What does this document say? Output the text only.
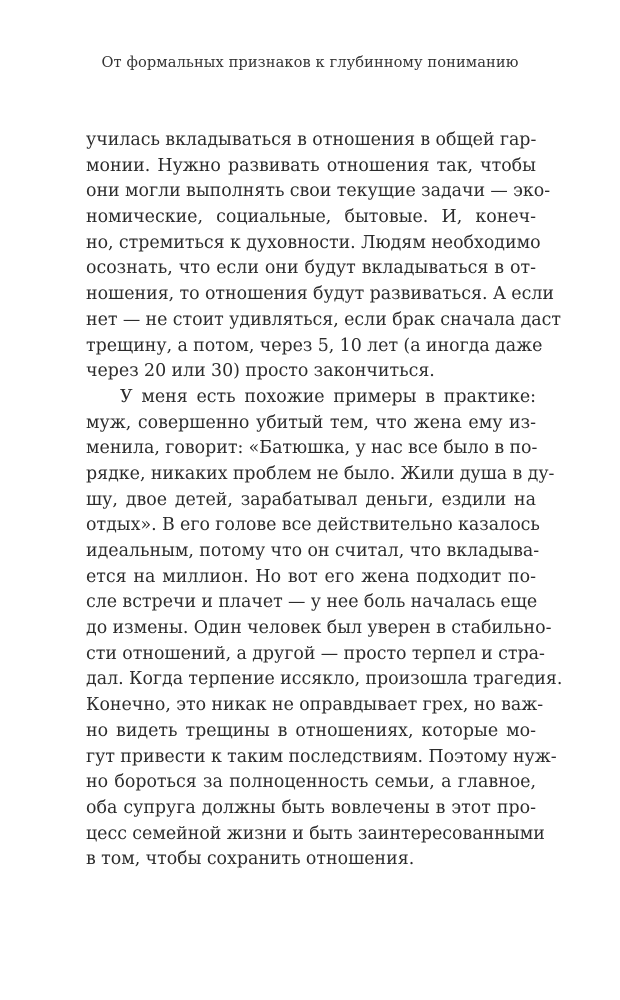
От формальных признаков к глубинному пониманию
училась вкладываться в отношения в общей гар-
монии. Нужно развивать отношения так, чтобы
они могли выполнять свои текущие задачи — эко-
номические, социальные, бытовые. И, конеч-
но, стремиться к духовности. Людям необходимо
осознать, что если они будут вкладываться в от-
ношения, то отношения будут развиваться. А если
нет — не стоит удивляться, если брак сначала даст
трещину, а потом, через 5, 10 лет (а иногда даже
через 20 или 30) просто закончиться.
У меня есть похожие примеры в практике:
муж, совершенно убитый тем, что жена ему из-
менила, говорит: «Батюшка, у нас все было в по-
рядке, никаких проблем не было. Жили душа в ду-
шу, двое детей, зарабатывал деньги, ездили на
отдых». В его голове все действительно казалось
идеальным, потому что он считал, что вкладыва-
ется на миллион. Но вот его жена подходит по-
сле встречи и плачет — у нее боль началась еще
до измены. Один человек был уверен в стабильно-
сти отношений, а другой — просто терпел и стра-
дал. Когда терпение иссякло, произошла трагедия.
Конечно, это никак не оправдывает грех, но важ-
но видеть трещины в отношениях, которые мо-
гут привести к таким последствиям. Поэтому нуж-
но бороться за полноценность семьи, а главное,
оба супруга должны быть вовлечены в этот про-
цесс семейной жизни и быть заинтересованными
в том, чтобы сохранить отношения.
